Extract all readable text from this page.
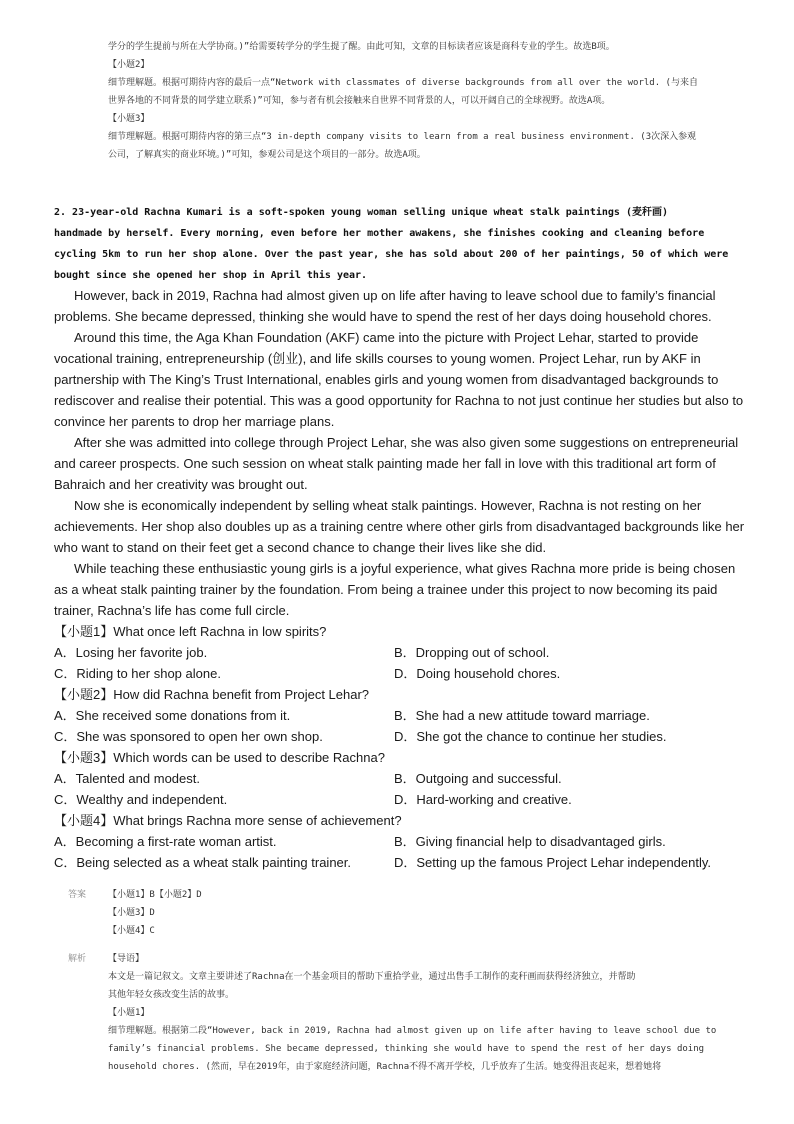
学分的学生提前与所在大学协商。)”给需要转学分的学生提了醒。由此可知，文章的目标读者应该是商科专业的学生。故选B项。

【小题2】

细节理解题。根据可期待内容的最后一点“Network with classmates of diverse backgrounds from all over the world. (与来自

世界各地的不同背景的同学建立联系)”可知，参与者有机会接触来自世界不同背景的人，可以开阔自己的全球视野。故选A项。

【小题3】

细节理解题。根据可期待内容的第三点“3 in-depth company visits to learn from a real business environment. (3次深入参观

公司，了解真实的商业环境。)”可知，参观公司是这个项目的一部分。故选A项。

2. 23-year-old Rachna Kumari is a soft-spoken young woman selling unique wheat stalk paintings (麦秆画)

handmade by herself. Every morning, even before her mother awakens, she finishes cooking and cleaning before

cycling 5km to run her shop alone. Over the past year, she has sold about 200 of her paintings, 50 of which were

bought since she opened her shop in April this year.

However, back in 2019, Rachna had almost given up on life after having to leave school due to family’s financial problems. She became depressed, thinking she would have to spend the rest of her days doing household chores.

Around this time, the Aga Khan Foundation (AKF) came into the picture with Project Lehar, started to provide vocational training, entrepreneurship (创业), and life skills courses to young women. Project Lehar, run by AKF in partnership with The King’s Trust International, enables girls and young women from disadvantaged backgrounds to rediscover and realise their potential. This was a good opportunity for Rachna to not just continue her studies but also to convince her parents to drop her marriage plans.

After she was admitted into college through Project Lehar, she was also given some suggestions on entrepreneurial and career prospects. One such session on wheat stalk painting made her fall in love with this traditional art form of Bahraich and her creativity was brought out.

Now she is economically independent by selling wheat stalk paintings. However, Rachna is not resting on her achievements. Her shop also doubles up as a training centre where other girls from disadvantaged backgrounds like her who want to stand on their feet get a second chance to change their lives like she did.

While teaching these enthusiastic young girls is a joyful experience, what gives Rachna more pride is being chosen as a wheat stalk painting trainer by the foundation. From being a trainee under this project to now becoming its paid trainer, Rachna’s life has come full circle.

【小题1】What once left Rachna in low spirits?
A．Losing her favorite job.	B．Dropping out of school.
C．Riding to her shop alone.	D．Doing household chores.
【小题2】How did Rachna benefit from Project Lehar?
A．She received some donations from it.	B．She had a new attitude toward marriage.
C．She was sponsored to open her own shop.	D．She got the chance to continue her studies.
【小题3】Which words can be used to describe Rachna?
A．Talented and modest.	B．Outgoing and successful.
C．Wealthy and independent.	D．Hard-working and creative.
【小题4】What brings Rachna more sense of achievement?
A．Becoming a first-rate woman artist.	B．Giving financial help to disadvantaged girls.
C．Being selected as a wheat stalk painting trainer.	D．Setting up the famous Project Lehar independently.
答案	【小题1】B【小题2】D

【小题3】D

【小题4】C

解析	【导语】

本文是一篇记叙文。文章主要讲述了Rachna在一个基金项目的帮助下重拾学业，通过出售手工制作的麦秆画而获得经济独立，并帮助

其他年轻女孩改变生活的故事。

【小题1】

细节理解题。根据第二段“However, back in 2019, Rachna had almost given up on life after having to leave school due to

family’s financial problems. She became depressed, thinking she would have to spend the rest of her days doing

household chores. (然而，早在2019年，由于家庭经济问题，Rachna不得不离开学校，几乎放弃了生活。她变得沮丧起来，想着她将
